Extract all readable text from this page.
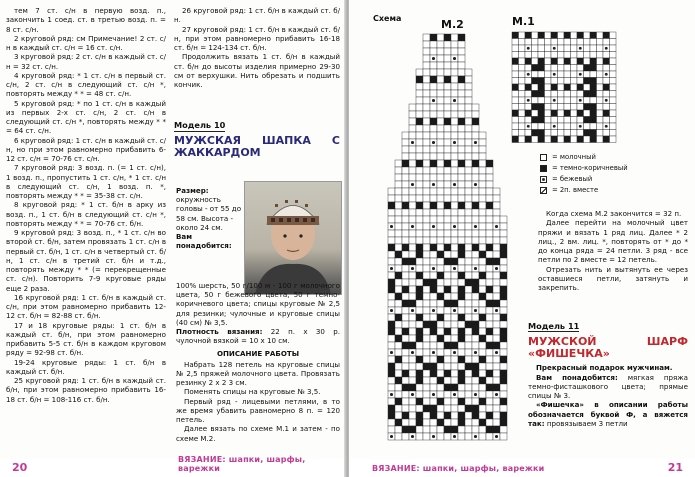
тем 7 ст. с/н в первую возд. п., закончить 1 соед. ст. в третью возд. п. = 8 ст. с/н.

2 круговой ряд: см Примечание! 2 ст. с/н в каждый ст. с/н = 16 ст. с/н.

3 круговой ряд: 2 ст. с/н в каждый ст. с/н = 32 ст. с/н.

4 круговой ряд: * 1 ст. с/н в первый ст. с/н, 2 ст. с/н в следующий ст. с/н *, повторять между * * = 48 ст. с/н.

5 круговой ряд: * по 1 ст. с/н в каждый из первых 2-х ст. с/н, 2 ст. с/н в следующий ст. с/н *, повторять между * * = 64 ст. с/н.

6 круговой ряд: 1 ст. с/н в каждый ст. с/н, но при этом равномерно прибавить 6-12 ст. с/н = 70-76 ст. с/н.

7 круговой ряд: 3 возд. п. (= 1 ст. с/н), 1 возд. п., пропустить 1 ст. с/н, * 1 ст. с/н в следующий ст. с/н, 1 возд. п. *, повторять между * * = 35-38 ст. с/н.

8 круговой ряд: * 1 ст. б/н в арку из возд. п., 1 ст. б/н в следующий ст. с/н *, повторять между * * = 70-76 ст. б/н.

9 круговой ряд: 3 возд. п., * 1 ст. с/н во второй ст. б/н, затем провязать 1 ст. с/н в первый ст. б/н, 1 ст. с/н в четвертый ст. б/н, 1 ст. с/н в третий ст. б/н и т.д., повторять между * * (= перекрещенные ст. с/н). Повторить 7-9 круговые ряды еще 2 раза.

16 круговой ряд: 1 ст. б/н в каждый ст. с/н, при этом равномерно прибавить 12-12 ст. б/н = 82-88 ст. б/н.

17 и 18 круговые ряды: 1 ст. б/н в каждый ст. б/н, при этом равномерно прибавить 5-5 ст. б/н в каждом круговом ряду = 92-98 ст. б/н.

19-24 круговые ряды: 1 ст. б/н в каждый ст. б/н.

25 круговой ряд: 1 ст. б/н в каждый ст. б/н, при этом равномерно прибавить 16-18 ст. б/н = 108-116 ст. б/н.

26 круговой ряд: 1 ст. б/н в каждый ст. б/н.

27 круговой ряд: 1 ст. б/н в каждый ст. б/н, при этом равномерно прибавить 16-18 ст. б/н = 124-134 ст. б/н.

Продолжить вязать 1 ст. б/н в каждый ст. б/н до высоты изделия примерно 29-30 см от верхушки. Нить обрезать и подшить кончик.

Модель 10
МУЖСКАЯ ШАПКА С ЖАККАРДОМ
Размер: окружность головы - от 55 до 58 см. Высота - около 24 см.
Вам понадобится:
100% шерсть, 50 г/100 м - 100 г молочного цвета, 50 г бежевого цвета, 50 г темно-коричневого цвета; спицы круговые № 2,5 для резинки; чулочные и круговые спицы (40 см) № 3,5.
Плотность вязания: 22 п. х 30 р. чулочной вязкой = 10 х 10 см.
ОПИСАНИЕ РАБОТЫ

Набрать 128 петель на круговые спицы № 2,5 пряжей молочного цвета. Провязать резинку 2 х 2 3 см.

Поменять спицы на круговые № 3,5.

Первый ряд - лицевыми петлями, в то же время убавить равномерно 8 п. = 120 петель.

Далее вязать по схеме М.1 и затем - по схеме М.2.

20
ВЯЗАНИЕ: шапки, шарфы, варежки
Схема	М.2	М.1
= молочный
= темно-коричневый
= бежевый
= 2п. вместе

Когда схема М.2 закончится = 32 п.

Далее перейти на молочный цвет пряжи и вязать 1 ряд лиц. Далее * 2 лиц., 2 вм. лиц. *, повторять от * до * до конца ряда = 24 петли. 3 ряд - все петли по 2 вместе = 12 петель.

Отрезать нить и вытянуть ее через оставшиеся петли, затянуть и закрепить.

Модель 11
МУЖСКОЙ ШАРФ «ФИШЕЧКА»

Прекрасный подарок мужчинам.

Вам понадобится: мягкая пряжа темно-фисташкового цвета; прямые спицы № 3.

«Фишечка» в описании работы обозначается буквой Ф, а вяжется так: провязываем 3 петли

ВЯЗАНИЕ: шапки, шарфы, варежки	21
